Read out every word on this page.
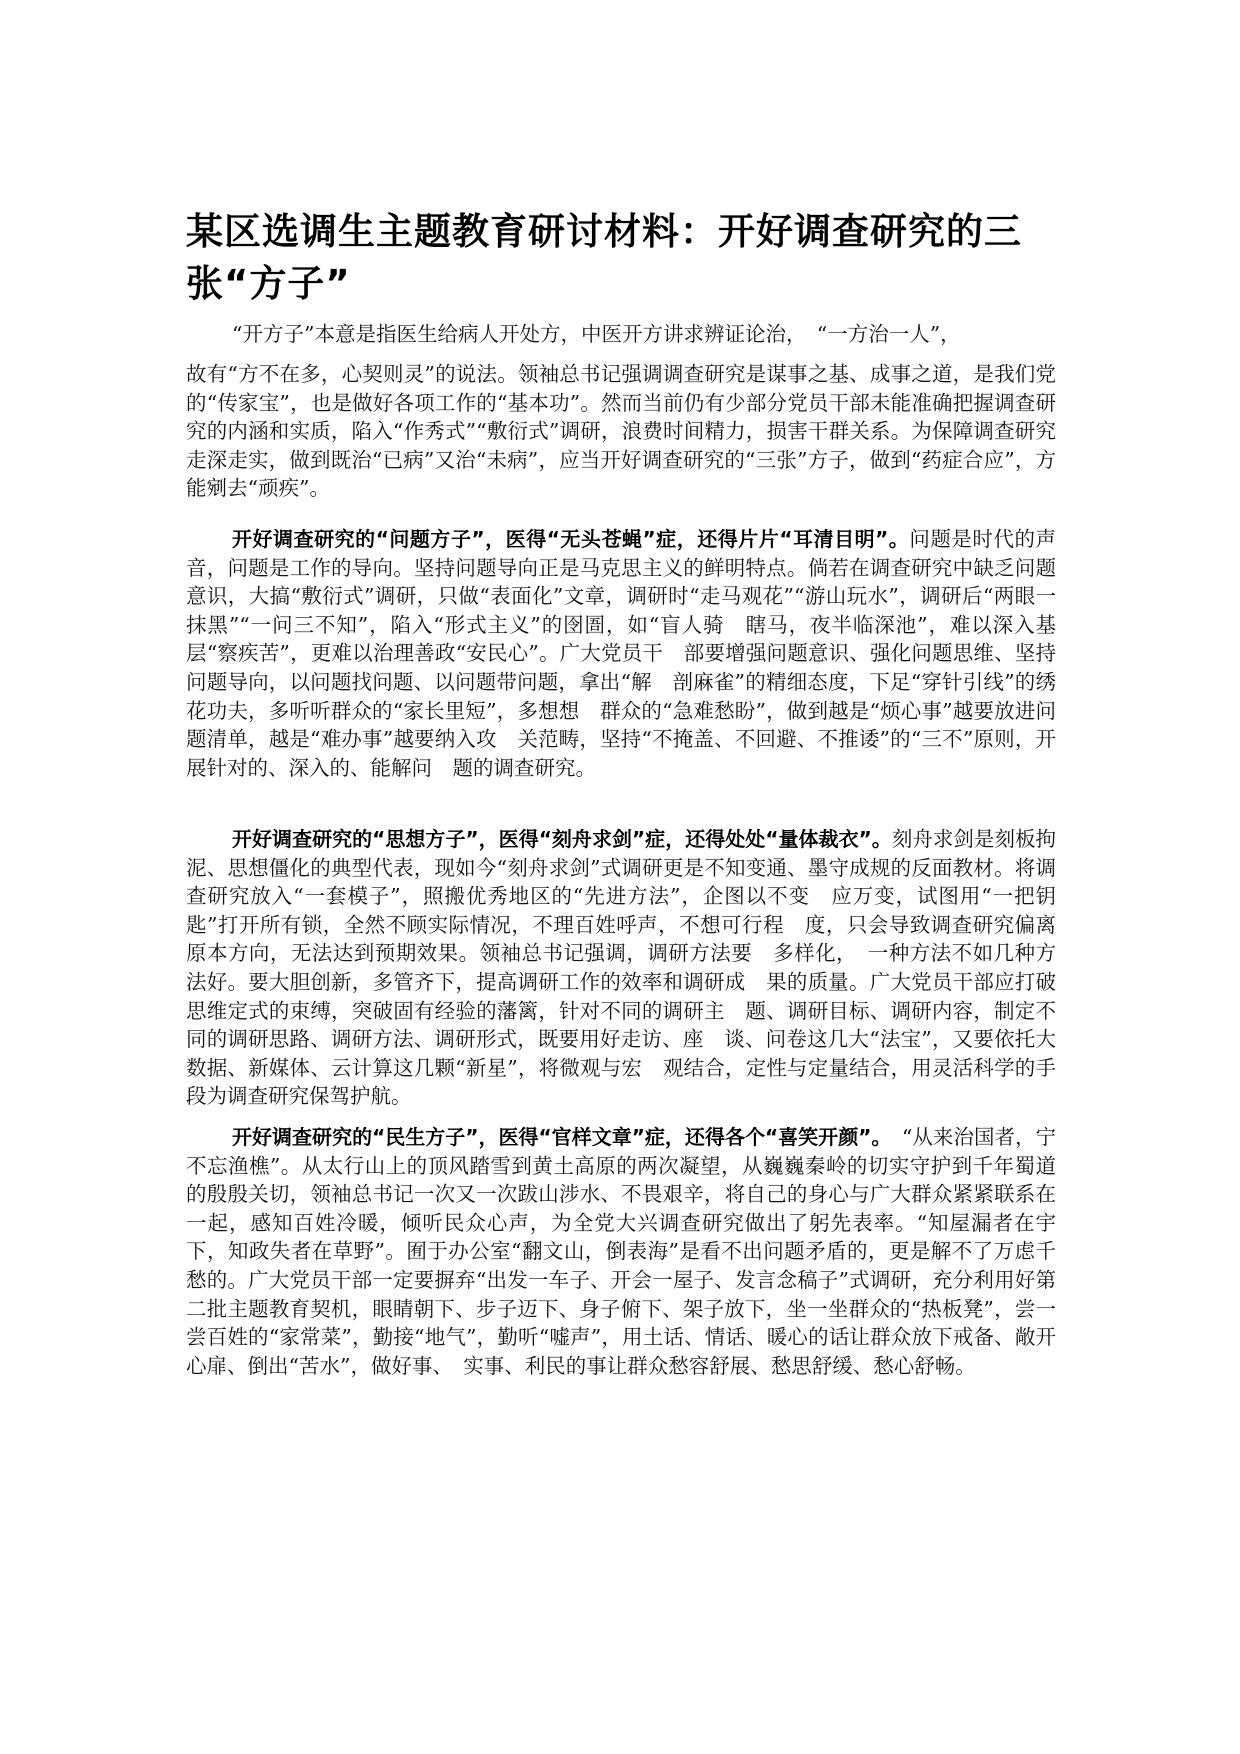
某区选调生主题教育研讨材料：开好调查研究的三张“方子”

“开方子”本意是指医生给病人开处方，中医开方讲求辨证论治，　“一方治一人”，

故有“方不在多，心契则灵”的说法。领袖总书记强调调查研究是谋事之基、成事之道，是我们党的“传家宝”，也是做好各项工作的“基本功”。然而当前仍有少部分党员干部未能准确把握调查研究的内涵和实质，陷入“作秀式”“敷衍式”调研，浪费时间精力，损害干群关系。为保障调查研究走深走实，做到既治“已病”又治“未病”，应当开好调查研究的“三张”方子，做到“药症合应”，方能剜去“顽疾”。

开好调查研究的“问题方子”，医得“无头苍蝇”症，还得片片“耳清目明”。问题是时代的声音，问题是工作的导向。坚持问题导向正是马克思主义的鲜明特点。倘若在调查研究中缺乏问题意识，大搞“敷衍式”调研，只做“表面化”文章，调研时“走马观花”“游山玩水”，调研后“两眼一抹黑”“一问三不知”，陷入“形式主义”的囹圄，如“盲人骑　瞎马，夜半临深池”，难以深入基层“察疾苦”，更难以治理善政“安民心”。广大党员干　部要增强问题意识、强化问题思维、坚持问题导向，以问题找问题、以问题带问题，拿出“解　剖麻雀”的精细态度，下足“穿针引线”的绣花功夫，多听听群众的“家长里短”，多想想　群众的“急难愁盼”，做到越是“烦心事”越要放进问题清单，越是“难办事”越要纳入攻　关范畴，坚持“不掩盖、不回避、不推诿”的“三不”原则，开展针对的、深入的、能解问　题的调查研究。

开好调查研究的“思想方子”，医得“刻舟求剑”症，还得处处“量体裁衣”。刻舟求剑是刻板拘泥、思想僵化的典型代表，现如今“刻舟求剑”式调研更是不知变通、墨守成规的反面教材。将调查研究放入“一套模子”，照搬优秀地区的“先进方法”，企图以不变　应万变，试图用“一把钥匙”打开所有锁，全然不顾实际情况，不理百姓呼声，不想可行程　度，只会导致调查研究偏离原本方向，无法达到预期效果。领袖总书记强调，调研方法要　多样化，　一种方法不如几种方法好。要大胆创新，多管齐下，提高调研工作的效率和调研成　果的质量。广大党员干部应打破思维定式的束缚，突破固有经验的藩篱，针对不同的调研主　题、调研目标、调研内容，制定不同的调研思路、调研方法、调研形式，既要用好走访、座　谈、问卷这几大“法宝”，又要依托大数据、新媒体、云计算这几颗“新星”，将微观与宏　观结合，定性与定量结合，用灵活科学的手段为调查研究保驾护航。

开好调查研究的“民生方子”，医得“官样文章”症，还得各个“喜笑开颜”。　“从来治国者，宁不忘渔樵”。从太行山上的顶风踏雪到黄土高原的两次凝望，从巍巍秦岭的切实守护到千年蜀道的殷殷关切，领袖总书记一次又一次跋山涉水、不畏艰辛，将自己的身心与广大群众紧紧联系在一起，感知百姓冷暖，倾听民众心声，为全党大兴调查研究做出了躬先表率。“知屋漏者在宇下，知政失者在草野”。囿于办公室“翻文山，倒表海”是看不出问题矛盾的，更是解不了万虑千愁的。广大党员干部一定要摒弃“出发一车子、开会一屋子、发言念稿子”式调研，充分利用好第二批主题教育契机，眼睛朝下、步子迈下、身子俯下、架子放下，坐一坐群众的“热板凳”，尝一尝百姓的“家常菜”，勤接“地气”，勤听“嘘声”，用土话、情话、暖心的话让群众放下戒备、敞开心扉、倒出“苦水”，做好事、　实事、利民的事让群众愁容舒展、愁思舒缓、愁心舒畅。
